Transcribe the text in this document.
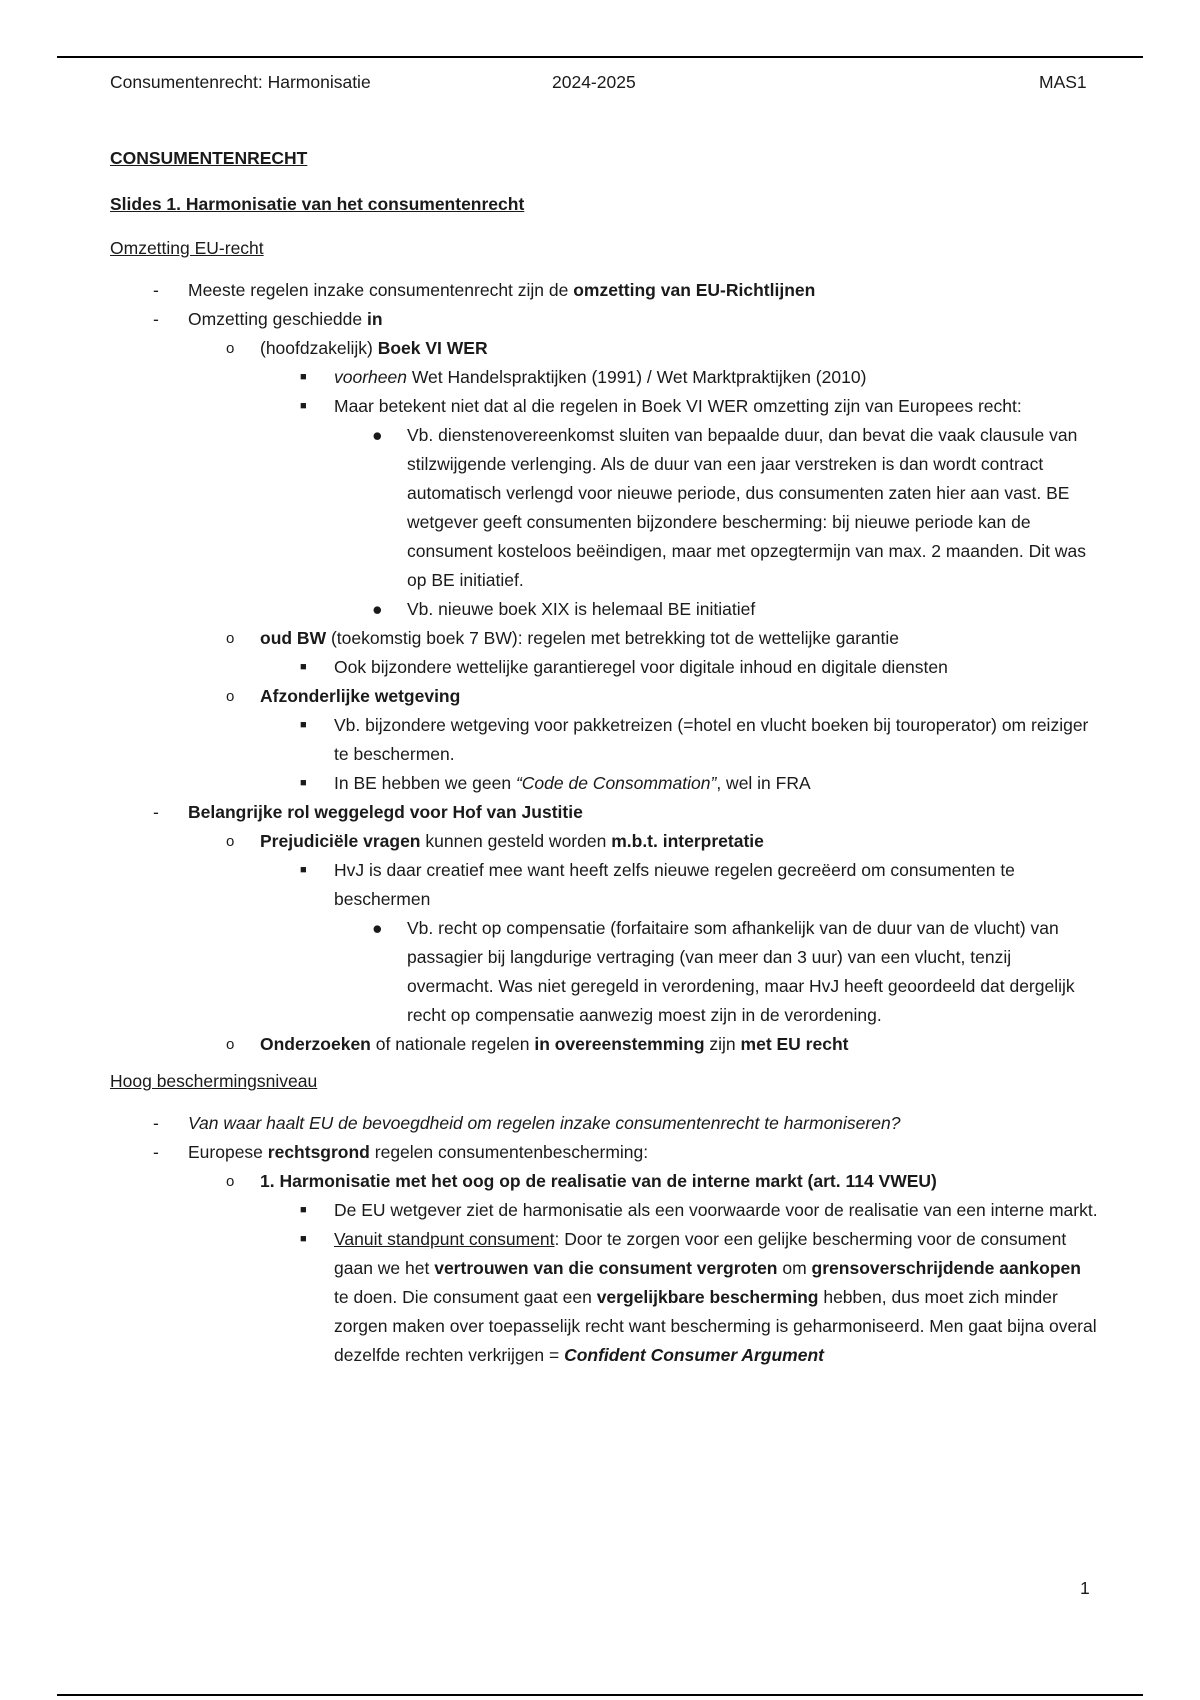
Consumentenrecht: Harmonisatie	2024-2025	MAS1
CONSUMENTENRECHT
Slides 1. Harmonisatie van het consumentenrecht
Omzetting EU-recht
- Meeste regelen inzake consumentenrecht zijn de omzetting van EU-Richtlijnen
- Omzetting geschiedde in
o (hoofdzakelijk) Boek VI WER
■ voorheen Wet Handelspraktijken (1991) / Wet Marktpraktijken (2010)
■ Maar betekent niet dat al die regelen in Boek VI WER omzetting zijn van Europees recht:
● Vb. dienstenovereenkomst sluiten van bepaalde duur, dan bevat die vaak clausule van stilzwijgende verlenging. Als de duur van een jaar verstreken is dan wordt contract automatisch verlengd voor nieuwe periode, dus consumenten zaten hier aan vast. BE wetgever geeft consumenten bijzondere bescherming: bij nieuwe periode kan de consument kosteloos beëindigen, maar met opzegtermijn van max. 2 maanden. Dit was op BE initiatief.
● Vb. nieuwe boek XIX is helemaal BE initiatief
o oud BW (toekomstig boek 7 BW): regelen met betrekking tot de wettelijke garantie
■ Ook bijzondere wettelijke garantieregel voor digitale inhoud en digitale diensten
o Afzonderlijke wetgeving
■ Vb. bijzondere wetgeving voor pakketreizen (=hotel en vlucht boeken bij touroperator) om reiziger te beschermen.
■ In BE hebben we geen “Code de Consommation”, wel in FRA
- Belangrijke rol weggelegd voor Hof van Justitie
o Prejudiciële vragen kunnen gesteld worden m.b.t. interpretatie
■ HvJ is daar creatief mee want heeft zelfs nieuwe regelen gecreëerd om consumenten te beschermen
● Vb. recht op compensatie (forfaitaire som afhankelijk van de duur van de vlucht) van passagier bij langdurige vertraging (van meer dan 3 uur) van een vlucht, tenzij overmacht. Was niet geregeld in verordening, maar HvJ heeft geoordeeld dat dergelijk recht op compensatie aanwezig moest zijn in de verordening.
o Onderzoeken of nationale regelen in overeenstemming zijn met EU recht
Hoog beschermingsniveau
- Van waar haalt EU de bevoegdheid om regelen inzake consumentenrecht te harmoniseren?
- Europese rechtsgrond regelen consumentenbescherming:
o 1. Harmonisatie met het oog op de realisatie van de interne markt (art. 114 VWEU)
■ De EU wetgever ziet de harmonisatie als een voorwaarde voor de realisatie van een interne markt.
■ Vanuit standpunt consument: Door te zorgen voor een gelijke bescherming voor de consument gaan we het vertrouwen van die consument vergroten om grensoverschrijdende aankopen te doen. Die consument gaat een vergelijkbare bescherming hebben, dus moet zich minder zorgen maken over toepasselijk recht want bescherming is geharmoniseerd. Men gaat bijna overal dezelfde rechten verkrijgen = Confident Consumer Argument
1
